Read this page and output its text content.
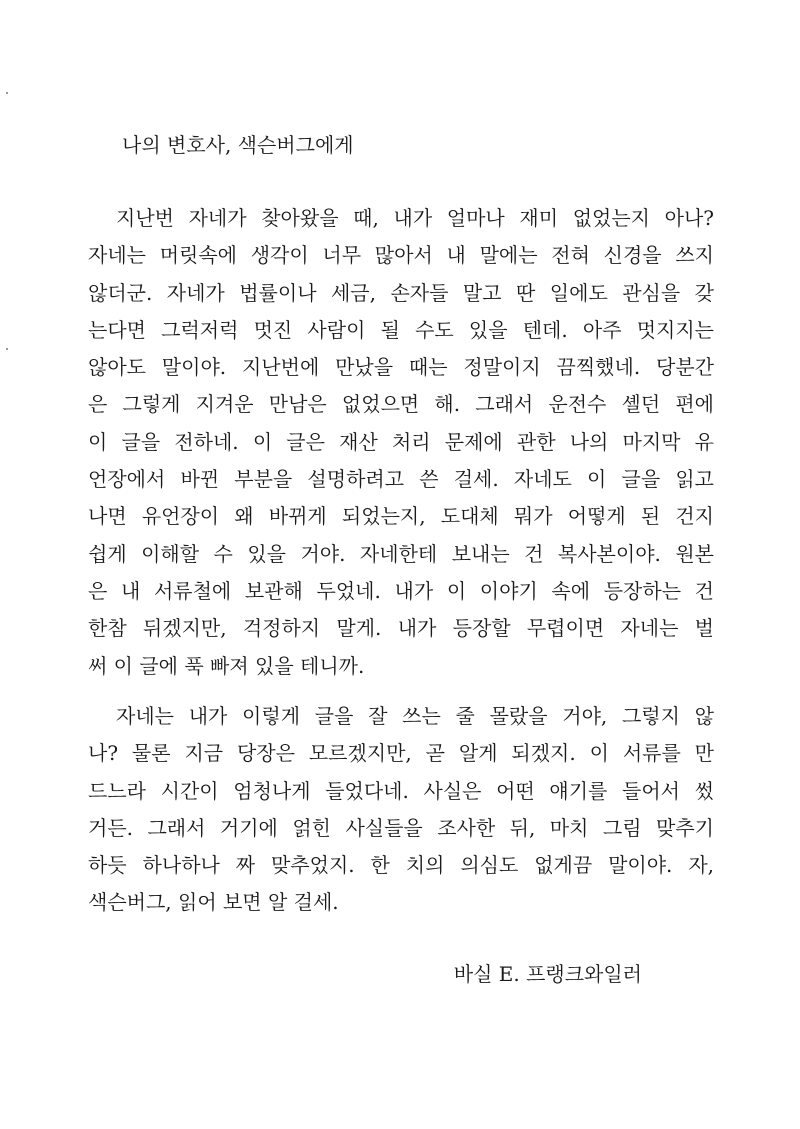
나의 변호사, 색슨버그에게
지난번 자네가 찾아왔을 때, 내가 얼마나 재미 없었는지 아나?
자네는 머릿속에 생각이 너무 많아서 내 말에는 전혀 신경을 쓰지
않더군. 자네가 법률이나 세금, 손자들 말고 딴 일에도 관심을 갖
는다면 그럭저럭 멋진 사람이 될 수도 있을 텐데. 아주 멋지지는
않아도 말이야. 지난번에 만났을 때는 정말이지 끔찍했네. 당분간
은 그렇게 지겨운 만남은 없었으면 해. 그래서 운전수 셸던 편에
이 글을 전하네. 이 글은 재산 처리 문제에 관한 나의 마지막 유
언장에서 바뀐 부분을 설명하려고 쓴 걸세. 자네도 이 글을 읽고
나면 유언장이 왜 바뀌게 되었는지, 도대체 뭐가 어떻게 된 건지
쉽게 이해할 수 있을 거야. 자네한테 보내는 건 복사본이야. 원본
은 내 서류철에 보관해 두었네. 내가 이 이야기 속에 등장하는 건
한참 뒤겠지만, 걱정하지 말게. 내가 등장할 무렵이면 자네는 벌
써 이 글에 푹 빠져 있을 테니까.
자네는 내가 이렇게 글을 잘 쓰는 줄 몰랐을 거야, 그렇지 않
나? 물론 지금 당장은 모르겠지만, 곧 알게 되겠지. 이 서류를 만
드느라 시간이 엄청나게 들었다네. 사실은 어떤 얘기를 들어서 썼
거든. 그래서 거기에 얽힌 사실들을 조사한 뒤, 마치 그림 맞추기
하듯 하나하나 짜 맞추었지. 한 치의 의심도 없게끔 말이야. 자,
색슨버그, 읽어 보면 알 걸세.
바실 E. 프랭크와일러
